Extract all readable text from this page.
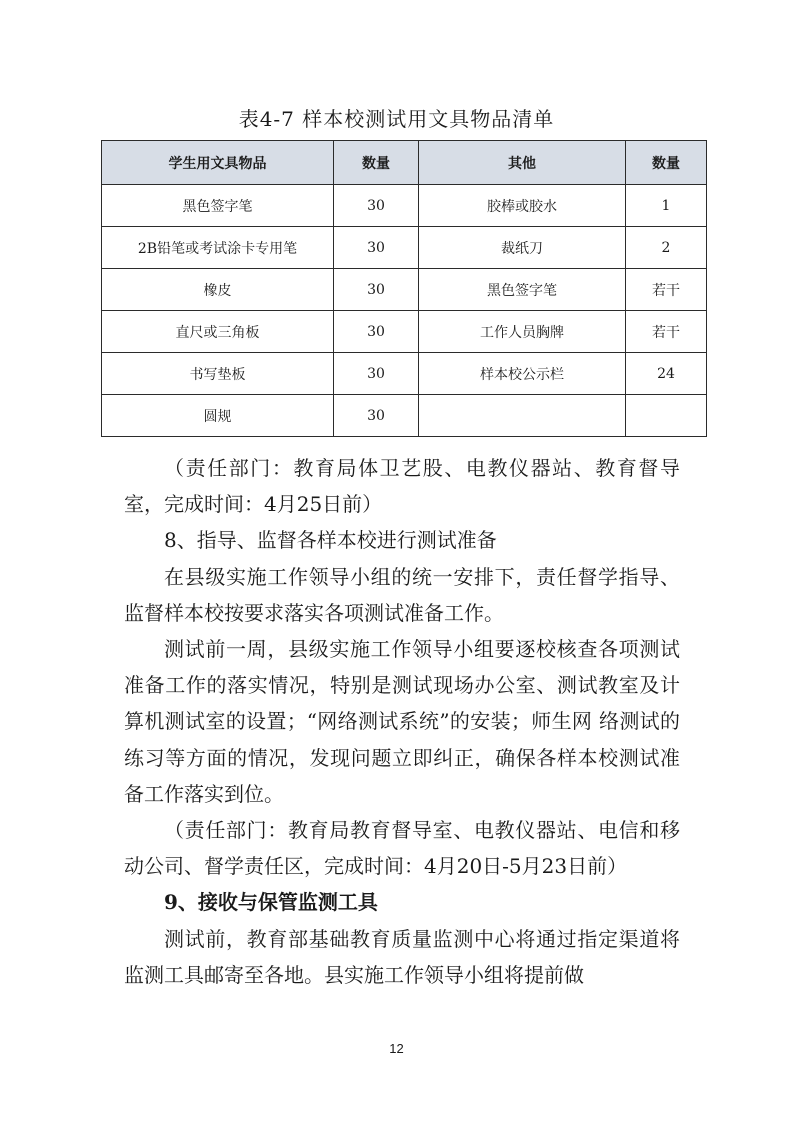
表4-7 样本校测试用文具物品清单
学生用文具物品	数量	其他	数量
黑色签字笔	30	胶棒或胶水	1
2B铅笔或考试涂卡专用笔	30	裁纸刀	2
橡皮	30	黑色签字笔	若干
直尺或三角板	30	工作人员胸牌	若干
书写垫板	30	样本校公示栏	24
圆规	30		

（责任部门：教育局体卫艺股、电教仪器站、教育督导室，完成时间：4月25日前）

8、指导、监督各样本校进行测试准备

在县级实施工作领导小组的统一安排下，责任督学指导、监督样本校按要求落实各项测试准备工作。

测试前一周，县级实施工作领导小组要逐校核查各项测试准备工作的落实情况，特别是测试现场办公室、测试教室及计算机测试室的设置；“网络测试系统”的安装；师生网 络测试的练习等方面的情况，发现问题立即纠正，确保各样本校测试准备工作落实到位。

（责任部门：教育局教育督导室、电教仪器站、电信和移动公司、督学责任区，完成时间：4月20日-5月23日前）

9、接收与保管监测工具

测试前，教育部基础教育质量监测中心将通过指定渠道将监测工具邮寄至各地。县实施工作领导小组将提前做

12
